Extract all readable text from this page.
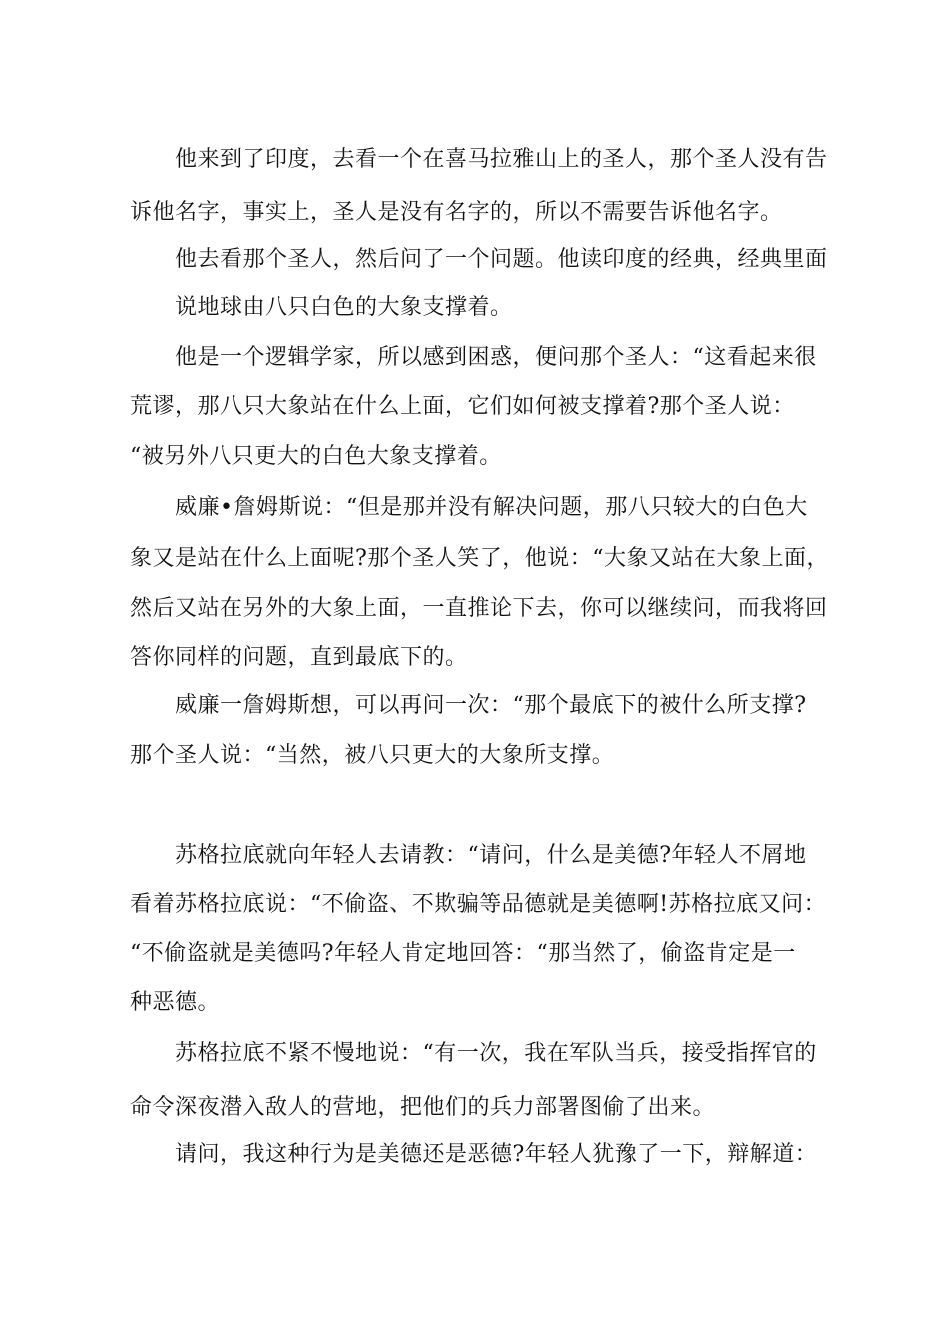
他来到了印度，去看一个在喜马拉雅山上的圣人，那个圣人没有告
诉他名字，事实上，圣人是没有名字的，所以不需要告诉他名字。
他去看那个圣人，然后问了一个问题。他读印度的经典，经典里面
说地球由八只白色的大象支撑着。
他是一个逻辑学家，所以感到困惑，便问那个圣人：“这看起来很
荒谬，那八只大象站在什么上面，它们如何被支撑着?那个圣人说：
“被另外八只更大的白色大象支撑着。
威廉•詹姆斯说：“但是那并没有解决问题，那八只较大的白色大
象又是站在什么上面呢?那个圣人笑了，他说：“大象又站在大象上面，
然后又站在另外的大象上面，一直推论下去，你可以继续问，而我将回
答你同样的问题，直到最底下的。
威廉一詹姆斯想，可以再问一次：“那个最底下的被什么所支撑?
那个圣人说：“当然，被八只更大的大象所支撑。
苏格拉底就向年轻人去请教：“请问，什么是美德?年轻人不屑地
看着苏格拉底说：“不偷盗、不欺骗等品德就是美德啊!苏格拉底又问：
“不偷盗就是美德吗?年轻人肯定地回答：“那当然了，偷盗肯定是一
种恶德。
苏格拉底不紧不慢地说：“有一次，我在军队当兵，接受指挥官的
命令深夜潜入敌人的营地，把他们的兵力部署图偷了出来。
请问，我这种行为是美德还是恶德?年轻人犹豫了一下，辩解道：
